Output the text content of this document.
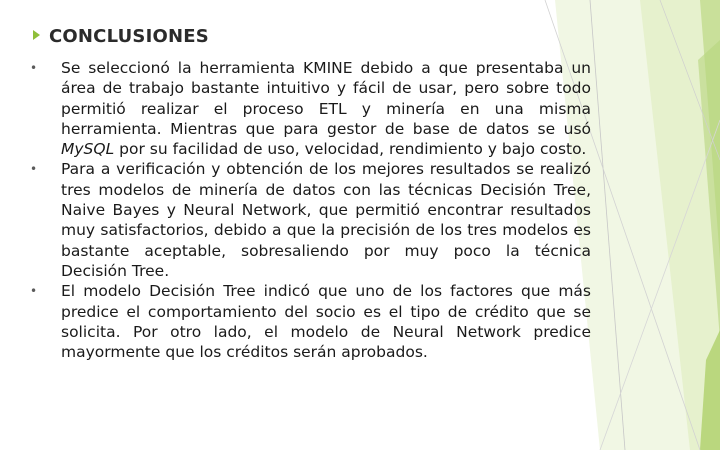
CONCLUSIONES
• Se seleccionó la herramienta KMINE debido a que presentaba un área de trabajo bastante intuitivo y fácil de usar, pero sobre todo permitió realizar el proceso ETL y minería en una misma herramienta. Mientras que para gestor de base de datos se usó MySQL por su facilidad de uso, velocidad, rendimiento y bajo costo.
• Para a verificación y obtención de los mejores resultados se realizó tres modelos de minería de datos con las técnicas Decisión Tree, Naive Bayes y Neural Network, que permitió encontrar resultados muy satisfactorios, debido a que la precisión de los tres modelos es bastante aceptable, sobresaliendo por muy poco la técnica Decisión Tree.
• El modelo Decisión Tree indicó que uno de los factores que más predice el comportamiento del socio es el tipo de crédito que se solicita. Por otro lado, el modelo de Neural Network predice mayormente que los créditos serán aprobados.
